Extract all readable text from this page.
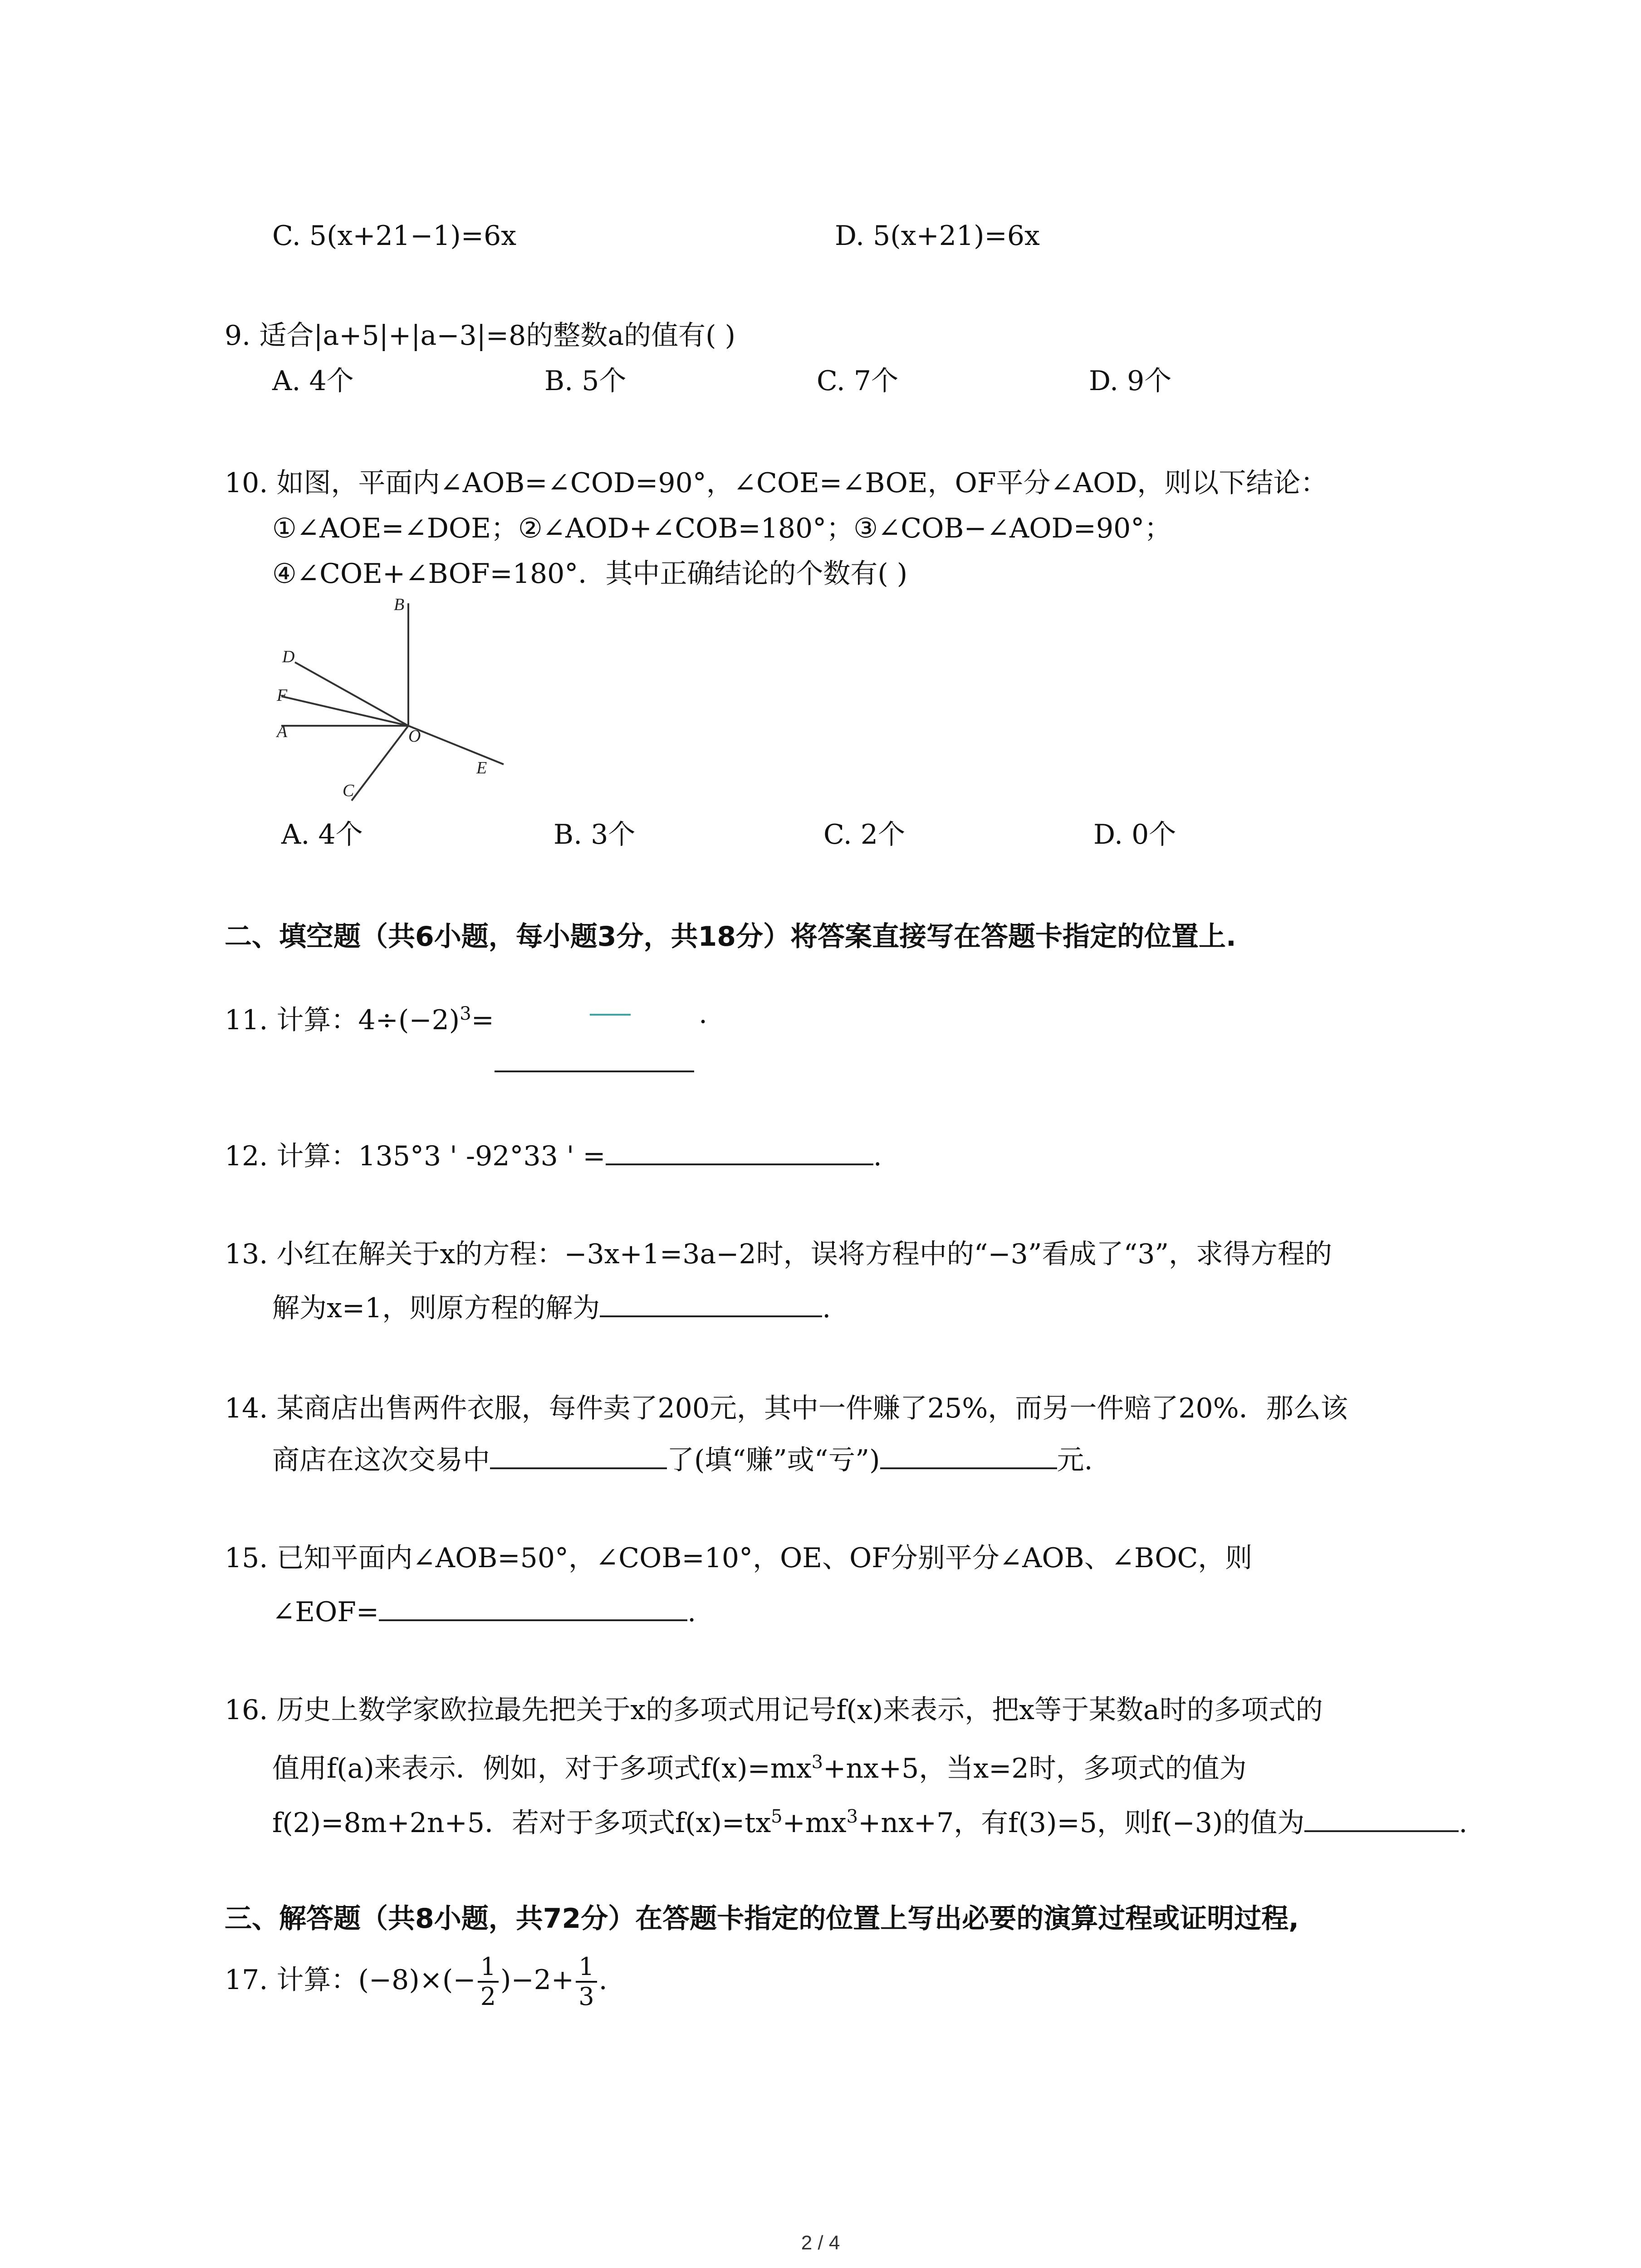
C. 5(x+21−1)=6x	D. 5(x+21)=6x
9. 适合|a+5|+|a−3|=8的整数a的值有( )
A. 4个	B. 5个	C. 7个	D. 9个
10. 如图，平面内∠AOB=∠COD=90°，∠COE=∠BOE，OF平分∠AOD，则以下结论：
①∠AOE=∠DOE；②∠AOD+∠COB=180°；③∠COB−∠AOD=90°；
④∠COE+∠BOF=180°．其中正确结论的个数有( )
B
D
F
A	O
C
E
A. 4个	B. 3个	C. 2个	D. 0个
二、填空题（共6小题，每小题3分，共18分）将答案直接写在答题卡指定的位置上.
11. 计算：$4\div(-2)^3=$	.
12. 计算：135°3 ' -92°33 ' =	.
13. 小红在解关于x的方程：−3x+1=3a−2时，误将方程中的“−3”看成了“3”，求得方程的
解为x=1，则原方程的解为	.
14. 某商店出售两件衣服，每件卖了200元，其中一件赚了25%，而另一件赔了20%．那么该
商店在这次交易中	了(填“赚”或“亏”)	元.
15. 已知平面内∠AOB=50°，∠COB=10°，OE、OF分别平分∠AOB、∠BOC，则
∠EOF=	.
16. 历史上数学家欧拉最先把关于x的多项式用记号f(x)来表示，把x等于某数a时的多项式的
值用f(a)来表示．例如，对于多项式$f(x)=mx^3+nx+5$，当x=2时，多项式的值为
f(2)=8m+2n+5．若对于多项式$f(x)=tx^5+mx^3+nx+7$，有f(3)=5，则f(−3)的值为	.
三、解答题（共8小题，共72分）在答题卡指定的位置上写出必要的演算过程或证明过程,
17. 计算：$(-8)\times(- \frac{1}{2} )-2+ \frac{1}{3}$ .
2 / 4
